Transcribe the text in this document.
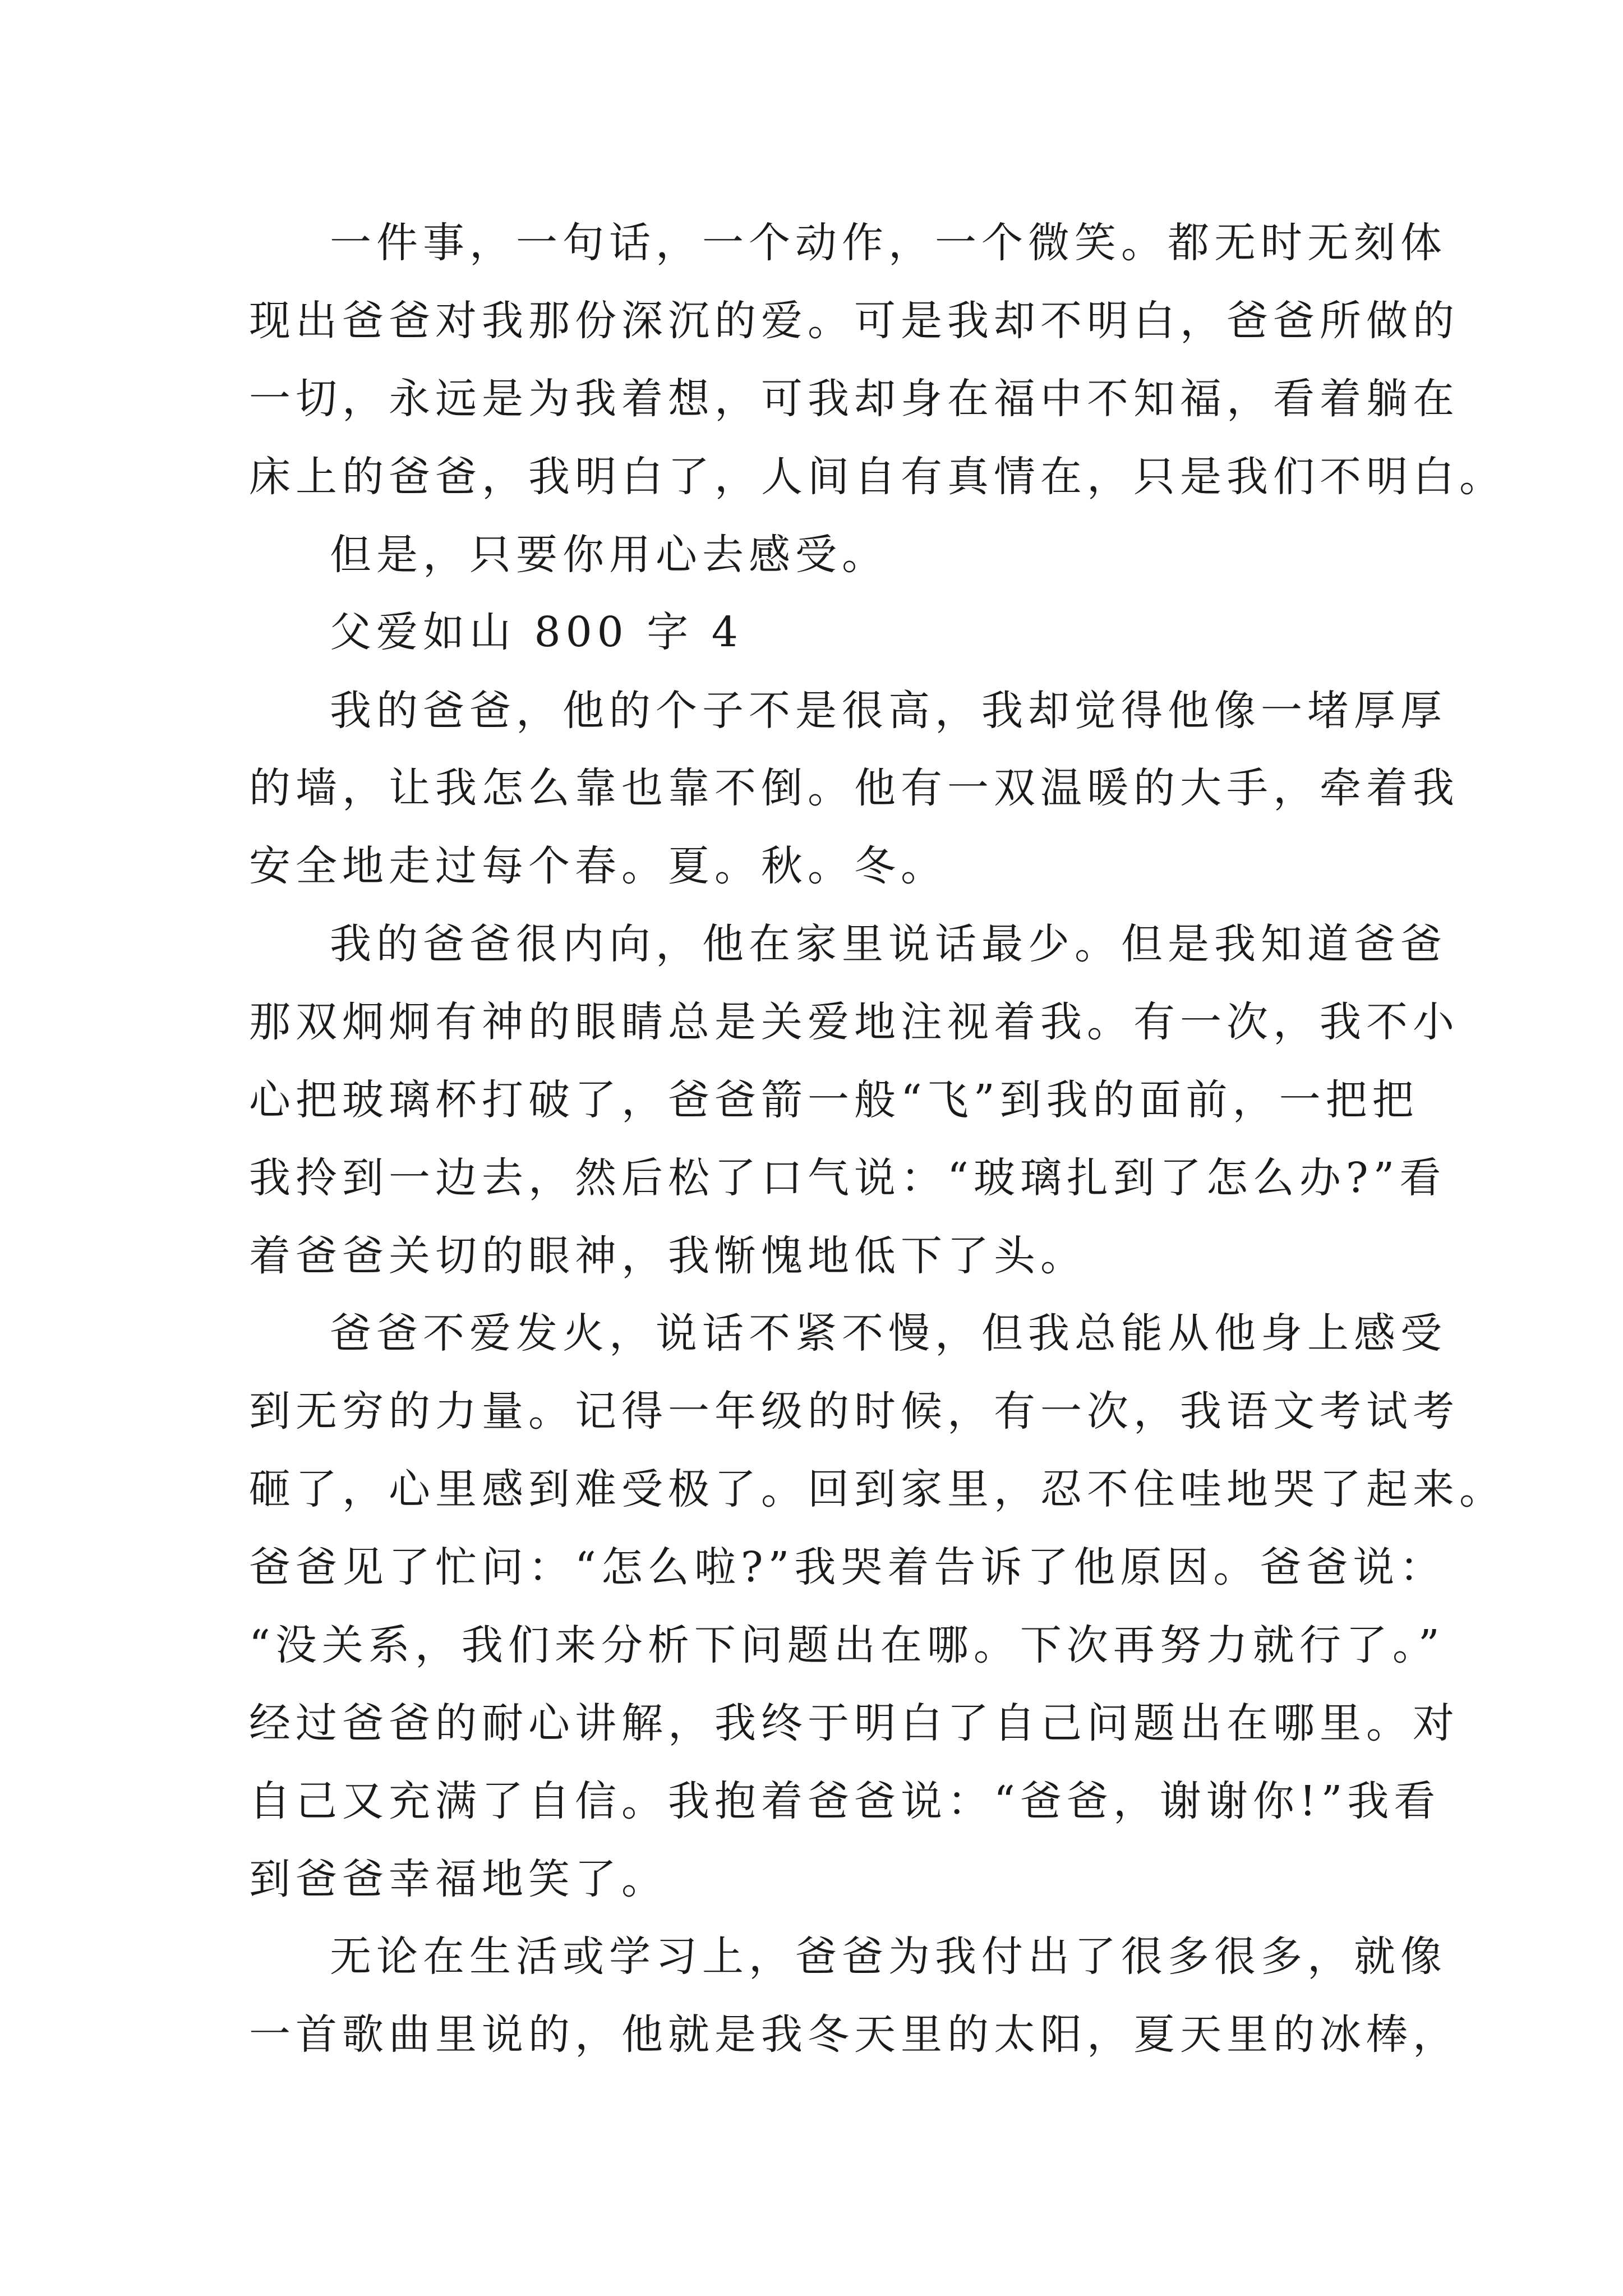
一件事，一句话，一个动作，一个微笑。都无时无刻体

现出爸爸对我那份深沉的爱。可是我却不明白，爸爸所做的

一切，永远是为我着想，可我却身在福中不知福，看着躺在

床上的爸爸，我明白了，人间自有真情在，只是我们不明白。

但是，只要你用心去感受。

父爱如山 800 字 4

我的爸爸，他的个子不是很高，我却觉得他像一堵厚厚

的墙，让我怎么靠也靠不倒。他有一双温暖的大手，牵着我

安全地走过每个春。夏。秋。冬。

我的爸爸很内向，他在家里说话最少。但是我知道爸爸

那双炯炯有神的眼睛总是关爱地注视着我。有一次，我不小

心把玻璃杯打破了，爸爸箭一般“飞”到我的面前，一把把

我拎到一边去，然后松了口气说：“玻璃扎到了怎么办?”看

着爸爸关切的眼神，我惭愧地低下了头。

爸爸不爱发火，说话不紧不慢，但我总能从他身上感受

到无穷的力量。记得一年级的时候，有一次，我语文考试考

砸了，心里感到难受极了。回到家里，忍不住哇地哭了起来。

爸爸见了忙问：“怎么啦?”我哭着告诉了他原因。爸爸说：

“没关系，我们来分析下问题出在哪。下次再努力就行了。”

经过爸爸的耐心讲解，我终于明白了自己问题出在哪里。对

自己又充满了自信。我抱着爸爸说：“爸爸，谢谢你!”我看

到爸爸幸福地笑了。

无论在生活或学习上，爸爸为我付出了很多很多，就像

一首歌曲里说的，他就是我冬天里的太阳，夏天里的冰棒，
